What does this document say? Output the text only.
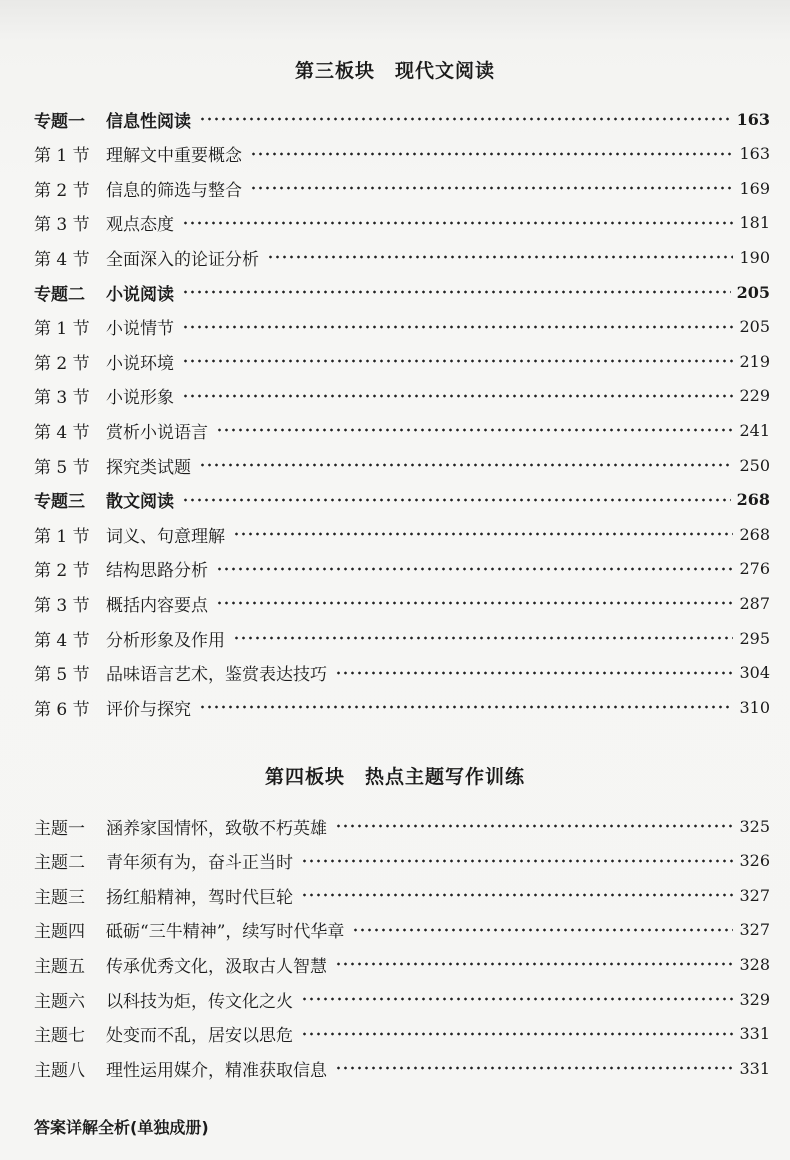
第三板块　现代文阅读
专题一	信息性阅读	163
第 1 节 理解文中重要概念	163
第 2 节 信息的筛选与整合	169
第 3 节 观点态度	181
第 4 节 全面深入的论证分析	190
专题二	小说阅读	205
第 1 节 小说情节	205
第 2 节 小说环境	219
第 3 节 小说形象	229
第 4 节 赏析小说语言	241
第 5 节 探究类试题	250
专题三	散文阅读	268
第 1 节 词义、句意理解	268
第 2 节 结构思路分析	276
第 3 节 概括内容要点	287
第 4 节 分析形象及作用	295
第 5 节 品味语言艺术，鉴赏表达技巧	304
第 6 节 评价与探究	310
第四板块　热点主题写作训练
主题一	涵养家国情怀，致敬不朽英雄	325
主题二	青年须有为，奋斗正当时	326
主题三	扬红船精神，驾时代巨轮	327
主题四	砥砺“三牛精神”，续写时代华章	327
主题五	传承优秀文化，汲取古人智慧	328
主题六	以科技为炬，传文化之火	329
主题七	处变而不乱，居安以思危	331
主题八	理性运用媒介，精准获取信息	331
答案详解全析(单独成册)
